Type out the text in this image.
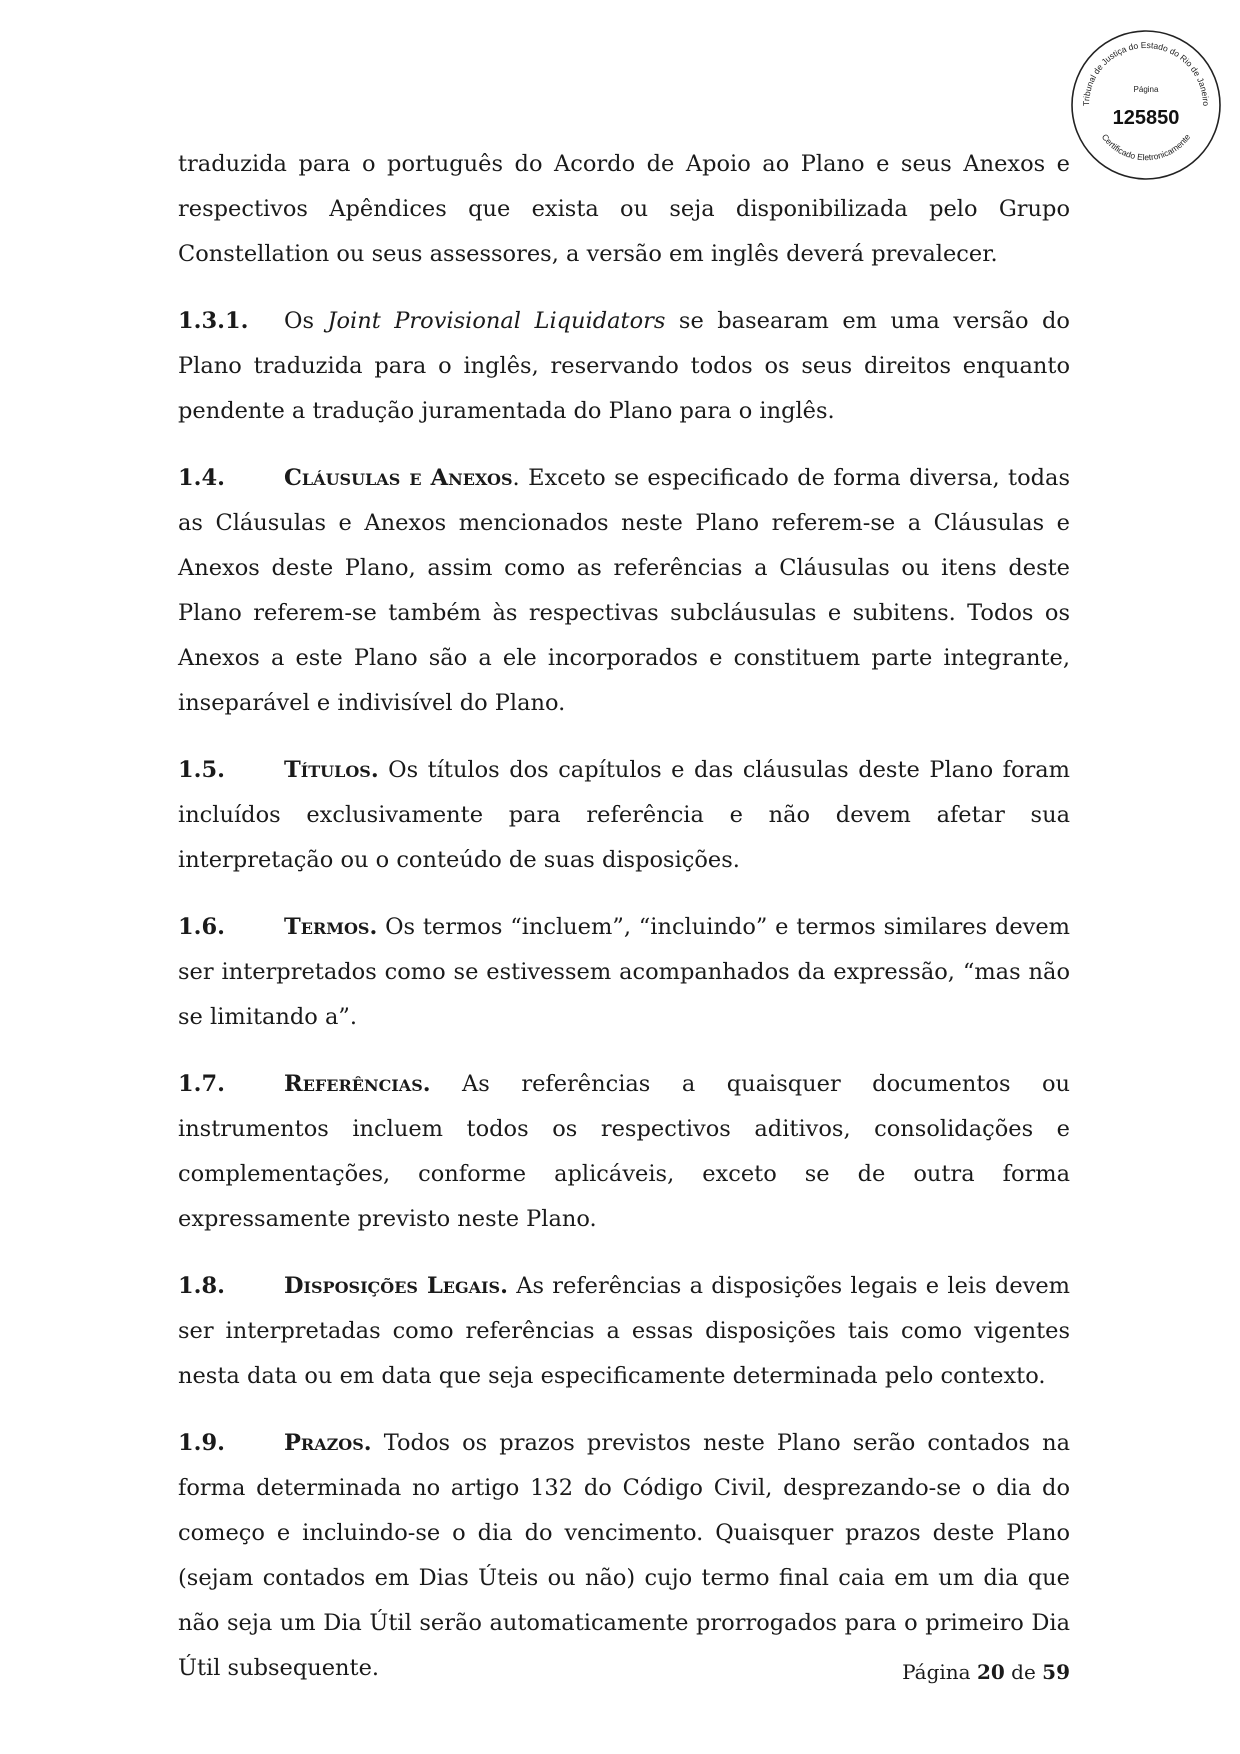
Tribunal de Justiça do Estado do Rio de Janeiro
Certificado Eletronicamente
Página
125850

traduzida para o português do Acordo de Apoio ao Plano e seus Anexos e respectivos Apêndices que exista ou seja disponibilizada pelo Grupo Constellation ou seus assessores, a versão em inglês deverá prevalecer.

1.3.1. Os Joint Provisional Liquidators se basearam em uma versão do Plano traduzida para o inglês, reservando todos os seus direitos enquanto pendente a tradução juramentada do Plano para o inglês.

1.4.	Cláusulas e Anexos. Exceto se especificado de forma diversa, todas as Cláusulas e Anexos mencionados neste Plano referem-se a Cláusulas e Anexos deste Plano, assim como as referências a Cláusulas ou itens deste Plano referem-se também às respectivas subcláusulas e subitens. Todos os Anexos a este Plano são a ele incorporados e constituem parte integrante, inseparável e indivisível do Plano.

1.5.	Títulos. Os títulos dos capítulos e das cláusulas deste Plano foram incluídos exclusivamente para referência e não devem afetar sua interpretação ou o conteúdo de suas disposições.

1.6.	Termos. Os termos “incluem”, “incluindo” e termos similares devem ser interpretados como se estivessem acompanhados da expressão, “mas não se limitando a”.

1.7.	Referências. As referências a quaisquer documentos ou instrumentos incluem todos os respectivos aditivos, consolidações e complementações, conforme aplicáveis, exceto se de outra forma expressamente previsto neste Plano.

1.8.	Disposições Legais. As referências a disposições legais e leis devem ser interpretadas como referências a essas disposições tais como vigentes nesta data ou em data que seja especificamente determinada pelo contexto.

1.9.	Prazos. Todos os prazos previstos neste Plano serão contados na forma determinada no artigo 132 do Código Civil, desprezando-se o dia do começo e incluindo-se o dia do vencimento. Quaisquer prazos deste Plano (sejam contados em Dias Úteis ou não) cujo termo final caia em um dia que não seja um Dia Útil serão automaticamente prorrogados para o primeiro Dia Útil subsequente.	Página 20 de 59
